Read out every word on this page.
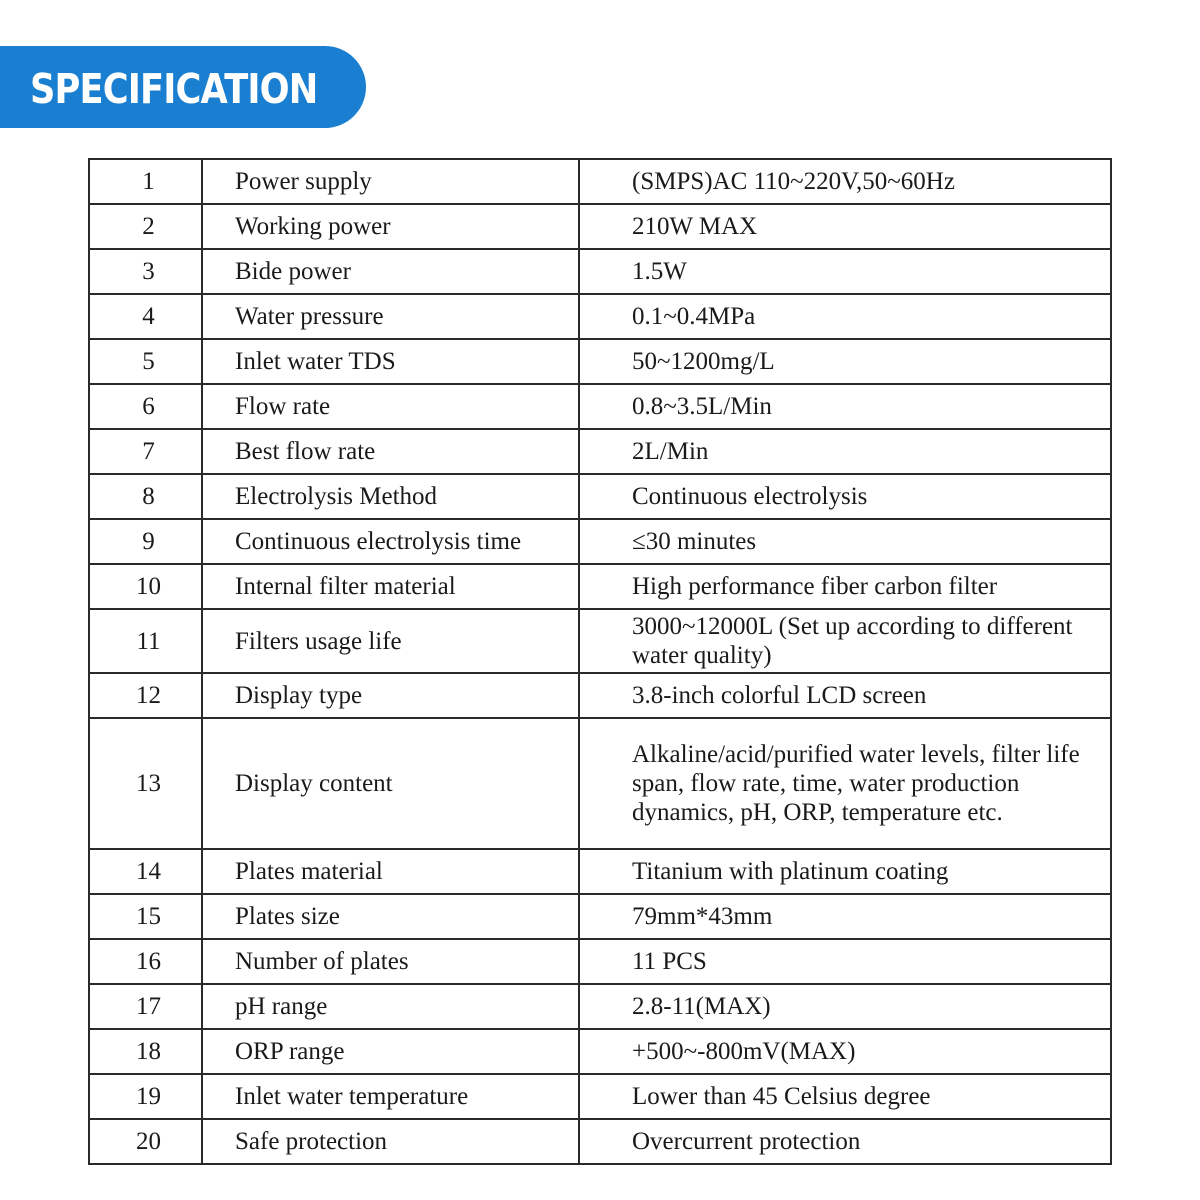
SPECIFICATION
1	Power supply	(SMPS)AC 110~220V,50~60Hz
2	Working power	210W MAX
3	Bide power	1.5W
4	Water pressure	0.1~0.4MPa
5	Inlet water TDS	50~1200mg/L
6	Flow rate	0.8~3.5L/Min
7	Best flow rate	2L/Min
8	Electrolysis Method	Continuous electrolysis
9	Continuous electrolysis time	≤30 minutes
10	Internal filter material	High performance fiber carbon filter
11	Filters usage life	3000~12000L (Set up according to different water quality)
12	Display type	3.8-inch colorful LCD screen
13	Display content	Alkaline/acid/purified water levels, filter life span, flow rate, time, water production dynamics, pH, ORP, temperature etc.
14	Plates material	Titanium with platinum coating
15	Plates size	79mm*43mm
16	Number of plates	11 PCS
17	pH range	2.8-11(MAX)
18	ORP range	+500~-800mV(MAX)
19	Inlet water temperature	Lower than 45 Celsius degree
20	Safe protection	Overcurrent protection
